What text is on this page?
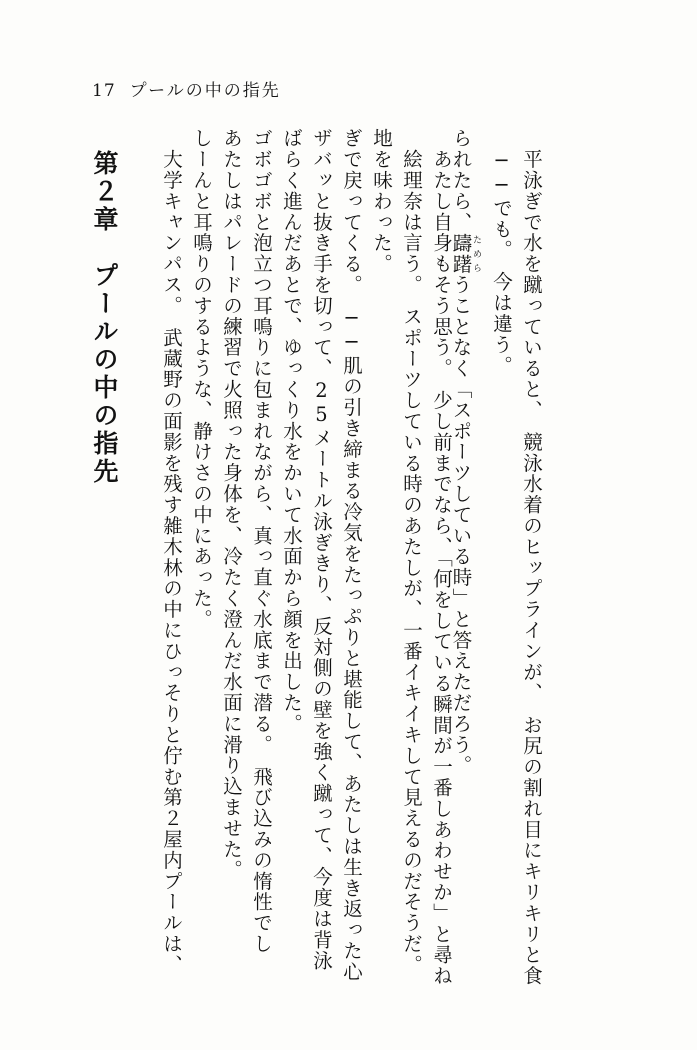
17 プールの中の指先
第２章　プールの中の指先	　大学キャンパス。　武蔵野の面影を残す雑木林の中にひっそりと佇む第２屋内プールは、 しーんと耳鳴りのするような、静けさの中にあった。 あたしはパレードの練習で火照った身体を、冷たく澄んだ水面に滑り込ませた。 ゴボゴボと泡立つ耳鳴りに包まれながら、真っ直ぐ水底まで潜る。　飛び込みの惰性でし ばらく進んだあとで、ゆっくり水をかいて水面から顔を出した。 ザバッと抜き手を切って、25メートル泳ぎきり、反対側の壁を強く蹴って、今度は背泳 ぎで戻ってくる。　──肌の引き締まる冷気をたっぷりと堪能して、あたしは生き返った心 地を味わった。 　絵理奈は言う。　スポーツしている時のあたしが、一番イキイキして見えるのだそうだ。 　あたし自身もそう思う。　少し前までなら、「何をしている瞬間が一番しあわせか」と尋ね
られたら、躊躇ためらうことなく「スポーツしている時」と答えただろう。
　──でも。　今は違う。 　平泳ぎで水を蹴っていると、　競泳水着のヒップラインが、　お尻の割れ目にキリキリと食
